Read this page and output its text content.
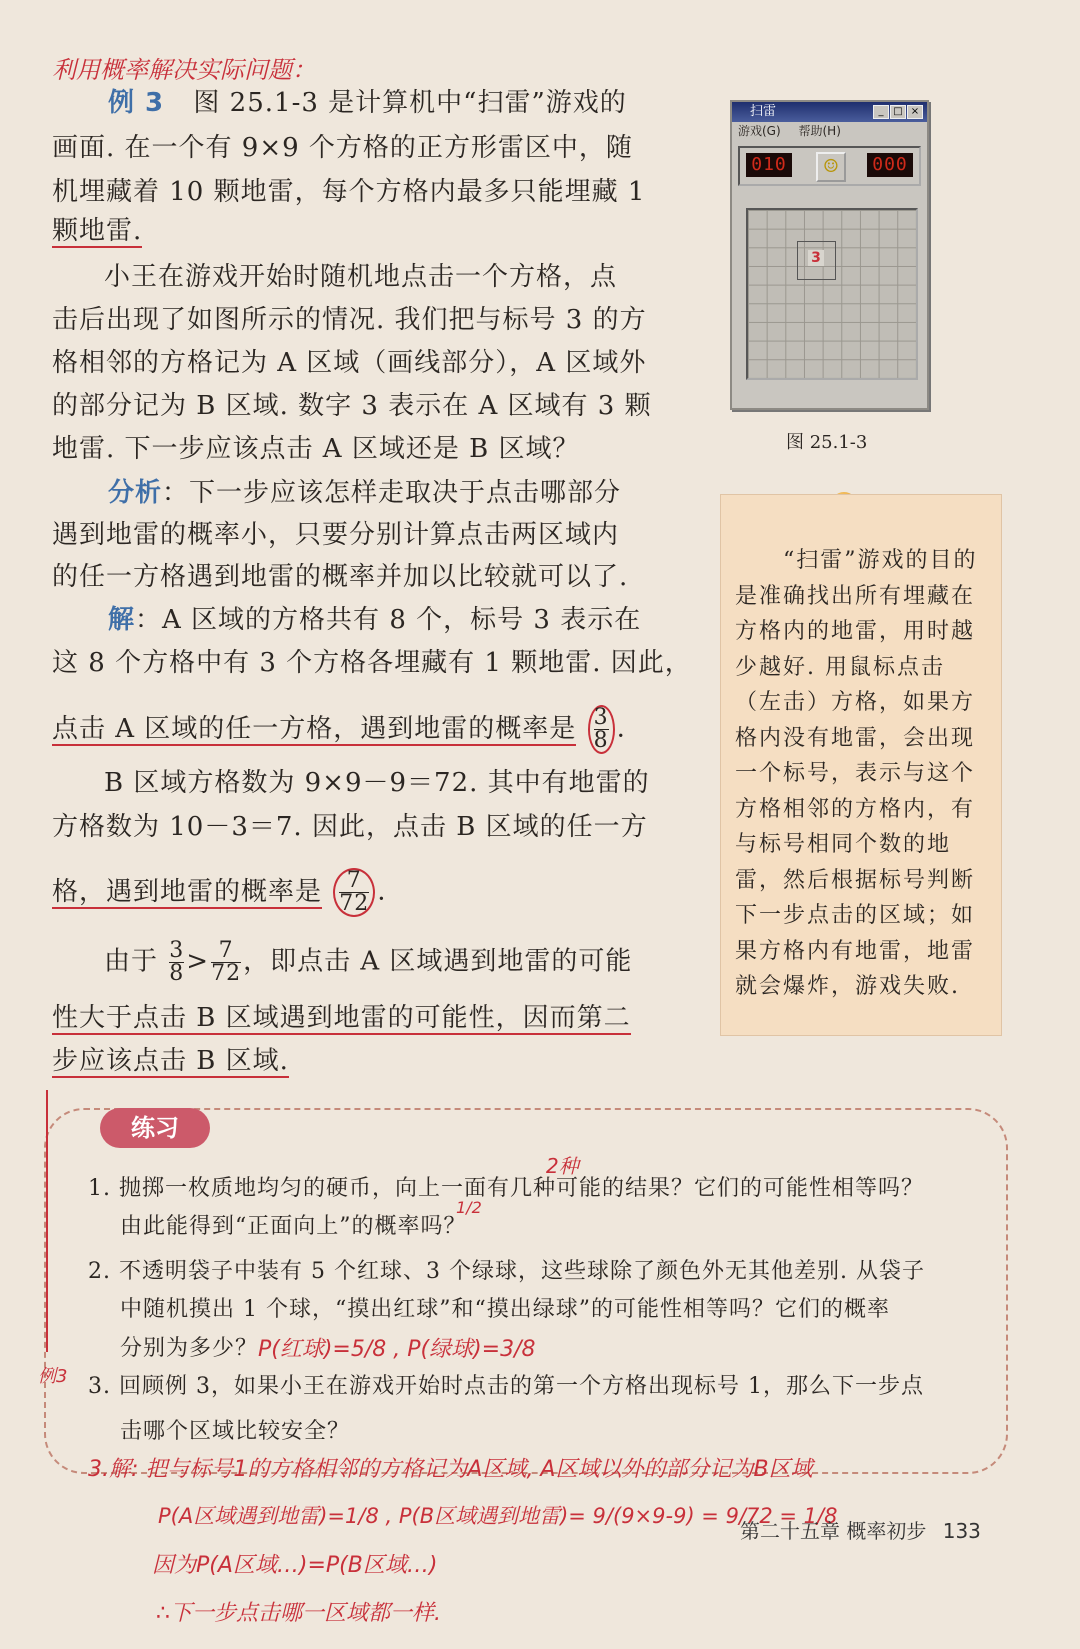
利用概率解决实际问题：
例 3 图 25.1-3 是计算机中“扫雷”游戏的
画面. 在一个有 9×9 个方格的正方形雷区中，随
机埋藏着 10 颗地雷，每个方格内最多只能埋藏 1
颗地雷.
小王在游戏开始时随机地点击一个方格，点
击后出现了如图所示的情况. 我们把与标号 3 的方
格相邻的方格记为 A 区域（画线部分），A 区域外
的部分记为 B 区域. 数字 3 表示在 A 区域有 3 颗
地雷. 下一步应该点击 A 区域还是 B 区域？
分析：下一步应该怎样走取决于点击哪部分
遇到地雷的概率小，只要分别计算点击两区域内
的任一方格遇到地雷的概率并加以比较就可以了.
解：A 区域的方格共有 8 个，标号 3 表示在
这 8 个方格中有 3 个方格各埋藏有 1 颗地雷. 因此，
点击 A 区域的任一方格，遇到地雷的概率是 $\frac{3}{8}$ .
B 区域方格数为 9×9－9＝72. 其中有地雷的
方格数为 10－3＝7. 因此，点击 B 区域的任一方
格，遇到地雷的概率是 $\frac{7}{72}$ .
由于 $\frac{3}{8} > \frac{7}{72}$ ，即点击 A 区域遇到地雷的可能
性大于点击 B 区域遇到地雷的可能性，因而第二
步应该点击 B 区域.
扫雷	_ □ ×
游戏(G) 帮助(H)
010	☺	000
3
图 25.1-3

“扫雷”游戏的目的是准确找出所有埋藏在方格内的地雷，用时越少越好. 用鼠标点击（左击）方格，如果方格内没有地雷，会出现一个标号，表示与这个方格相邻的方格内，有与标号相同个数的地雷，然后根据标号判断下一步点击的区域；如果方格内有地雷，地雷就会爆炸，游戏失败.

练习
1. 抛掷一枚质地均匀的硬币，向上一面有几种可能的结果？它们的可能性相等吗？
由此能得到“正面向上”的概率吗？
2. 不透明袋子中装有 5 个红球、3 个绿球，这些球除了颜色外无其他差别. 从袋子
中随机摸出 1 个球，“摸出红球”和“摸出绿球”的可能性相等吗？它们的概率
分别为多少？
3. 回顾例 3，如果小王在游戏开始时点击的第一个方格出现标号 1，那么下一步点
击哪个区域比较安全？
2种
1/2
P(红球)=5/8 , P(绿球)=3/8
例3
3.解: 把与标号1的方格相邻的方格记为A区域, A区域以外的部分记为B区域
P(A区域遇到地雷)=1/8 , P(B区域遇到地雷)= 9/(9×9-9) = 9/72 = 1/8
因为P(A区域…)=P(B区域…)
∴下一步点击哪一区域都一样.
第二十五章 概率初步 133
